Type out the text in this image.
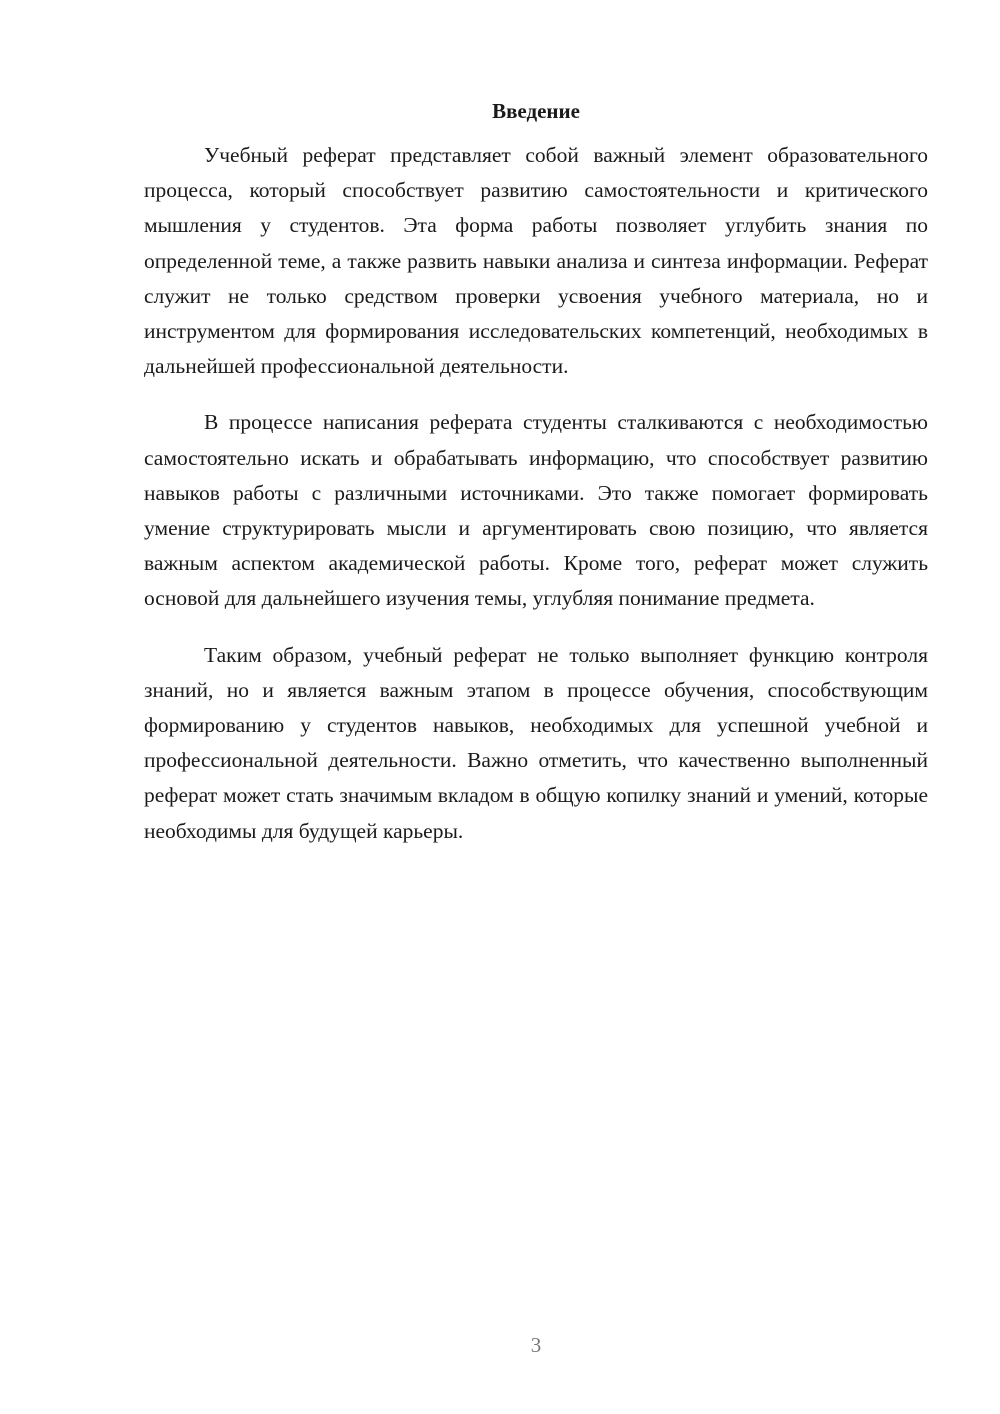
Введение

Учебный реферат представляет собой важный элемент образовательного процесса, который способствует развитию самостоятельности и критического мышления у студентов. Эта форма работы позволяет углубить знания по определенной теме, а также развить навыки анализа и синтеза информации. Реферат служит не только средством проверки усвоения учебного материала, но и инструментом для формирования исследовательских компетенций, необходимых в дальнейшей профессиональной деятельности.

В процессе написания реферата студенты сталкиваются с необходимостью самостоятельно искать и обрабатывать информацию, что способствует развитию навыков работы с различными источниками. Это также помогает формировать умение структурировать мысли и аргументировать свою позицию, что является важным аспектом академической работы. Кроме того, реферат может служить основой для дальнейшего изучения темы, углубляя понимание предмета.

Таким образом, учебный реферат не только выполняет функцию контроля знаний, но и является важным этапом в процессе обучения, способствующим формированию у студентов навыков, необходимых для успешной учебной и профессиональной деятельности. Важно отметить, что качественно выполненный реферат может стать значимым вкладом в общую копилку знаний и умений, которые необходимы для будущей карьеры.

3
